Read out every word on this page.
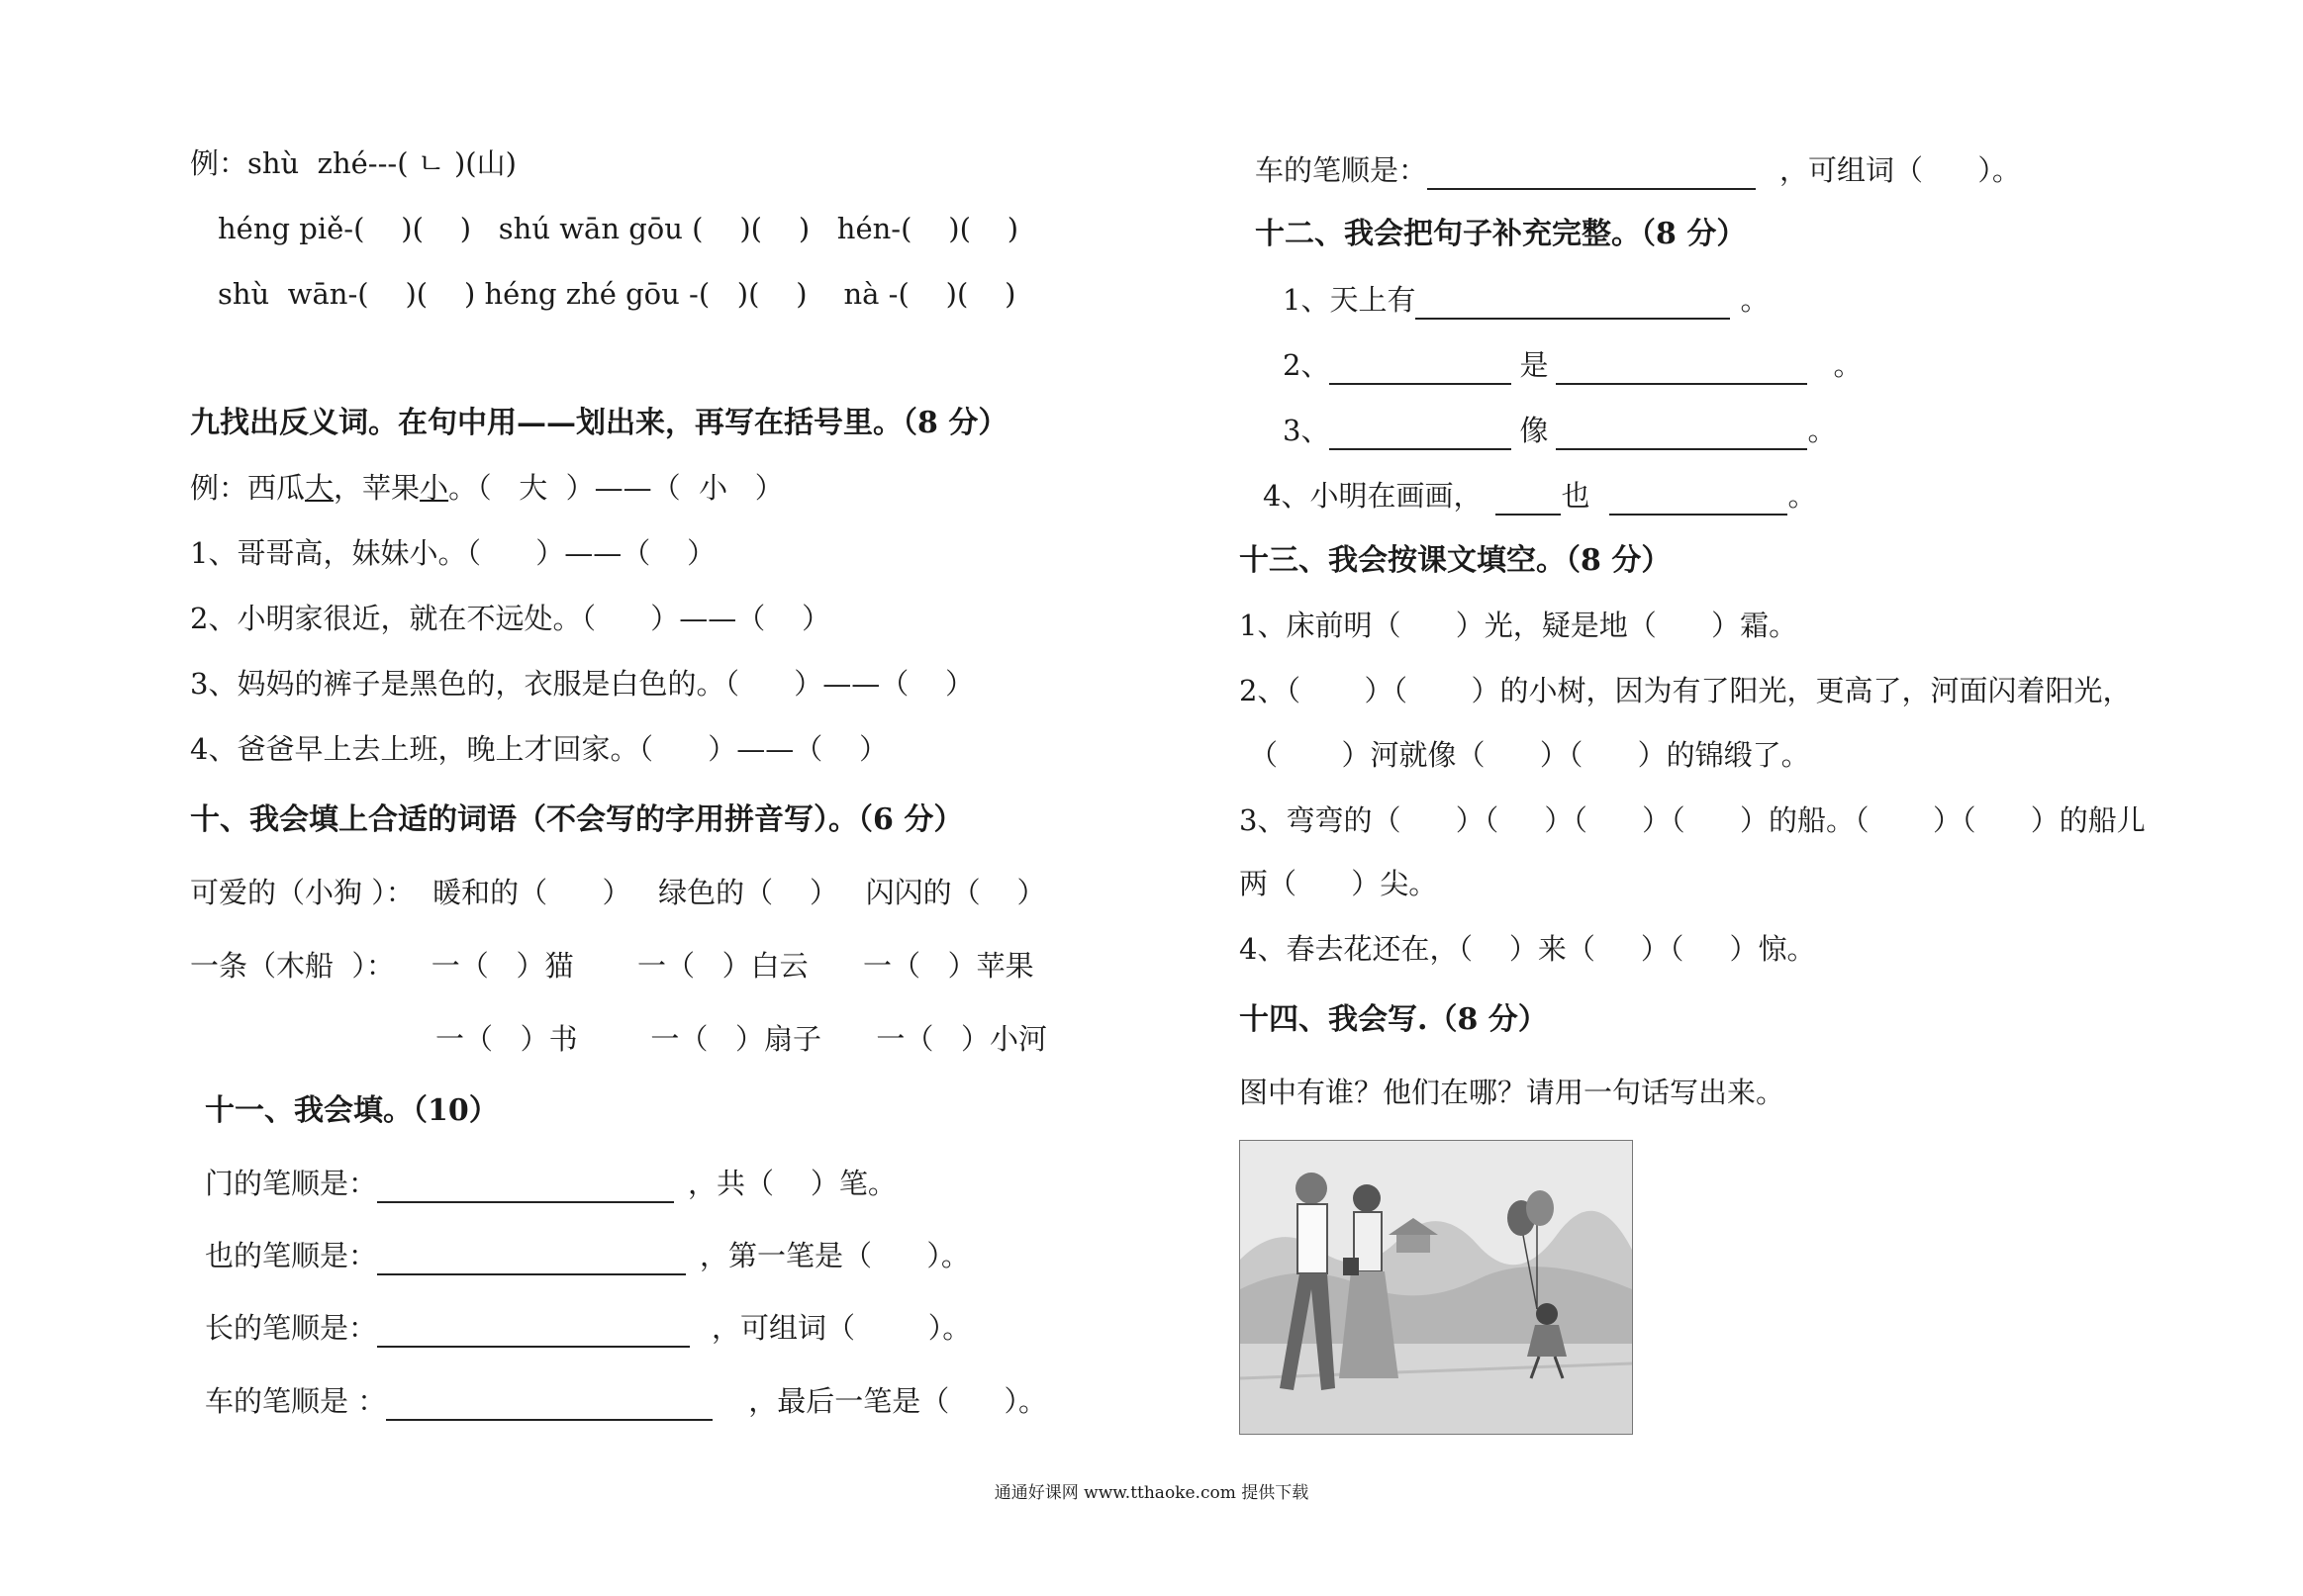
例：shù  zhé---( ㄴ )(山)
héng piě-(    )(    )   shú wān gōu (    )(    )   hén-(    )(    )
shù  wān-(    )(    ) héng zhé gōu -(   )(    )    nà -(    )(    )
九找出反义词。在句中用——划出来，再写在括号里。（8 分）
例：西瓜大，苹果小。（   大  ）——（  小   ）
1、哥哥高，妹妹小。（      ）——（    ）
2、小明家很近，就在不远处。（      ）——（    ）
3、妈妈的裤子是黑色的，衣服是白色的。（      ）——（    ）
4、爸爸早上去上班，晚上才回家。（      ）——（    ）
十、我会填上合适的词语（不会写的字用拼音写）。（6 分）
可爱的（小狗 ）：  暖和的（      ）   绿色的（    ）   闪闪的（    ）
一条（木船  ）：    一（   ）猫       一（   ）白云      一（   ）苹果
一（   ）书        一（   ）扇子      一（   ）小河
十一、我会填。（10）
门的笔顺是：	，共（    ）笔。
也的笔顺是：	，第一笔是（      ）。
长的笔顺是：	，可组词（        ）。
车的笔顺是 ：	，最后一笔是（      ）。
车的笔顺是：	，可组词（      ）。
十二、我会把句子补充完整。（8 分）
1、天上有	。
2、	是	。
3、	像	。
4、小明在画画，	也	。
十三、我会按课文填空。（8 分）
1、床前明（      ）光，疑是地（      ）霜。
2、（       ）（       ）的小树，因为有了阳光，更高了，河面闪着阳光，
（       ）河就像（      ）（      ）的锦缎了。
3、弯弯的（      ）（     ）（      ）（      ）的船。（       ）（      ）的船儿
两（      ）尖。
4、春去花还在，（    ）来（     ）（     ）惊。
十四、我会写.（8 分）
图中有谁？他们在哪？请用一句话写出来。
通通好课网 www.tthaoke.com 提供下载
